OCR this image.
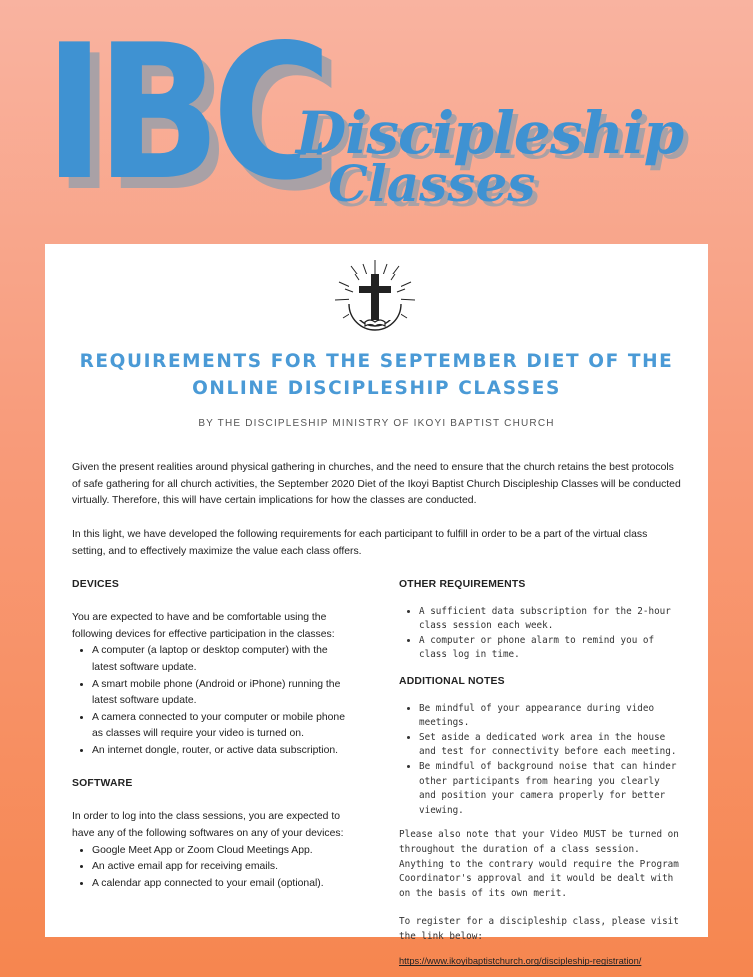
IBC
Discipleship
Classes
REQUIREMENTS FOR THE SEPTEMBER DIET OF THE
ONLINE DISCIPLESHIP CLASSES
BY THE DISCIPLESHIP MINISTRY OF IKOYI BAPTIST CHURCH

Given the present realities around physical gathering in churches, and the need to ensure that the church retains the best protocols of safe gathering for all church activities, the September 2020 Diet of the Ikoyi Baptist Church Discipleship Classes will be conducted virtually. Therefore, this will have certain implications for how the classes are conducted.

In this light, we have developed the following requirements for each participant to fulfill in order to be a part of the virtual class setting, and to effectively maximize the value each class offers.

DEVICES

You are expected to have and be comfortable using the following devices for effective participation in the classes:

• A computer (a laptop or desktop computer) with the latest software update.
• A smart mobile phone (Android or iPhone) running the latest software update.
• A camera connected to your computer or mobile phone as classes will require your video is turned on.
• An internet dongle, router, or active data subscription.

SOFTWARE

In order to log into the class sessions, you are expected to have any of the following softwares on any of your devices:

• Google Meet App or Zoom Cloud Meetings App.
• An active email app for receiving emails.
• A calendar app connected to your email (optional).

OTHER REQUIREMENTS

• A sufficient data subscription for the 2-hour class session each week.
• A computer or phone alarm to remind you of class log in time.

ADDITIONAL NOTES

• Be mindful of your appearance during video meetings.
• Set aside a dedicated work area in the house and test for connectivity before each meeting.
• Be mindful of background noise that can hinder other participants from hearing you clearly and position your camera properly for better viewing.

Please also note that your Video MUST be turned on throughout the duration of a class session. Anything to the contrary would require the Program Coordinator's approval and it would be dealt with on the basis of its own merit.

To register for a discipleship class, please visit the link below:

https://www.ikoyibaptistchurch.org/discipleship-registration/
